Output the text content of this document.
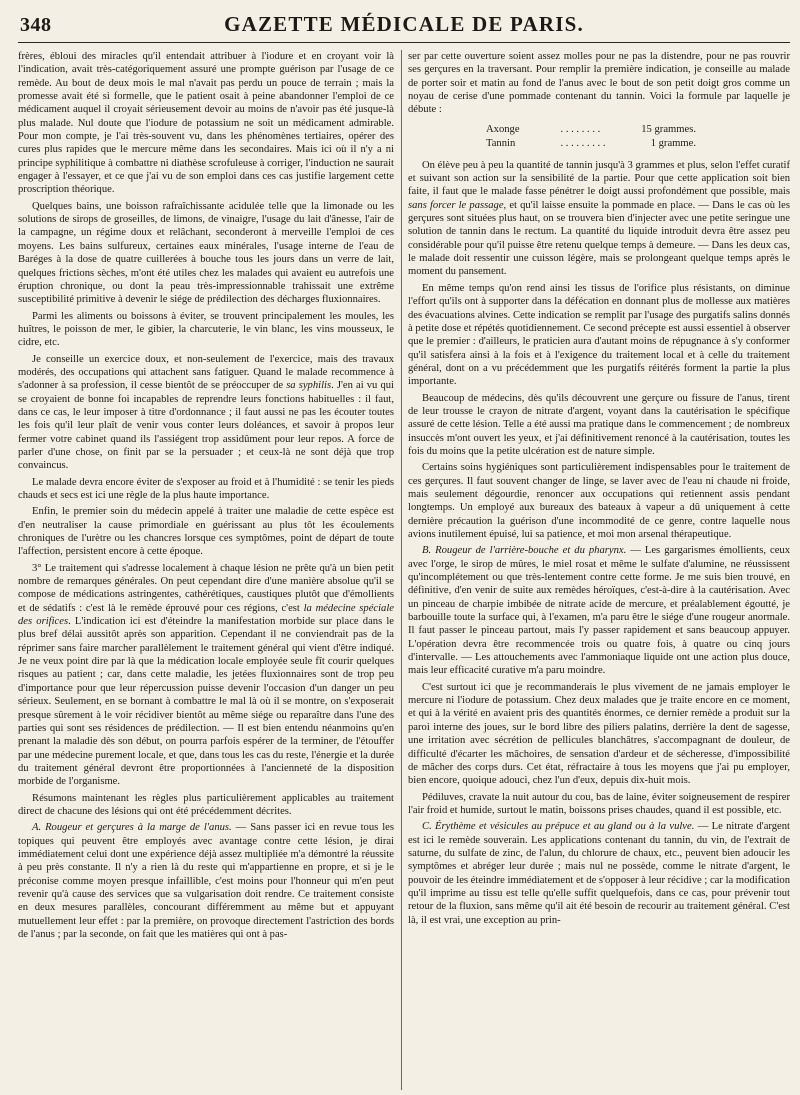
348	GAZETTE MÉDICALE DE PARIS.

frères, ébloui des miracles qu'il entendait attribuer à l'iodure et en croyant voir là l'indication, avait très-catégoriquement assuré une prompte guérison par l'usage de ce remède. Au bout de deux mois le mal n'avait pas perdu un pouce de terrain ; mais la promesse avait été si formelle, que le patient osait à peine abandonner l'emploi de ce médicament auquel il croyait sérieusement devoir au moins de n'avoir pas été jusque-là plus malade. Nul doute que l'iodure de potassium ne soit un médicament admirable. Pour mon compte, je l'ai très-souvent vu, dans les phénomènes tertiaires, opérer des cures plus rapides que le mercure même dans les secondaires. Mais ici où il n'y a ni principe syphilitique à combattre ni diathèse scrofuleuse à corriger, l'induction ne saurait engager à l'essayer, et ce que j'ai vu de son emploi dans ces cas justifie largement cette proscription théorique.

Quelques bains, une boisson rafraîchissante acidulée telle que la limonade ou les solutions de sirops de groseilles, de limons, de vinaigre, l'usage du lait d'ânesse, l'air de la campagne, un régime doux et relâchant, seconderont à merveille l'emploi de ces moyens. Les bains sulfureux, certaines eaux minérales, l'usage interne de l'eau de Baréges à la dose de quatre cuillerées à bouche tous les jours dans un verre de lait, quelques frictions sèches, m'ont été utiles chez les malades qui avaient eu autrefois une éruption chronique, ou dont la peau très-impressionnable trahissait une extrême susceptibilité primitive à devenir le siége de prédilection des décharges fluxionnaires.

Parmi les aliments ou boissons à éviter, se trouvent principalement les moules, les huîtres, le poisson de mer, le gibier, la charcuterie, le vin blanc, les vins mousseux, le cidre, etc.

Je conseille un exercice doux, et non-seulement de l'exercice, mais des travaux modérés, des occupations qui attachent sans fatiguer. Quand le malade recommence à s'adonner à sa profession, il cesse bientôt de se préoccuper de sa syphilis. J'en ai vu qui se croyaient de bonne foi incapables de reprendre leurs fonctions habituelles : il faut, dans ce cas, le leur imposer à titre d'ordonnance ; il faut aussi ne pas les écouter toutes les fois qu'il leur plaît de venir vous conter leurs doléances, et savoir à propos leur fermer votre cabinet quand ils l'assiégent trop assidûment pour leur repos. A force de parler d'une chose, on finit par se la persuader ; et ceux-là ne sont déjà que trop convaincus.

Le malade devra encore éviter de s'exposer au froid et à l'humidité : se tenir les pieds chauds et secs est ici une règle de la plus haute importance.

Enfin, le premier soin du médecin appelé à traiter une maladie de cette espèce est d'en neutraliser la cause primordiale en guérissant au plus tôt les écoulements chroniques de l'urètre ou les chancres lorsque ces symptômes, point de départ de toute l'affection, persistent encore à cette époque.

3° Le traitement qui s'adresse localement à chaque lésion ne prête qu'à un bien petit nombre de remarques générales. On peut cependant dire d'une manière absolue qu'il se compose de médications astringentes, cathérétiques, caustiques plutôt que d'émollients et de sédatifs : c'est là le remède éprouvé pour ces régions, c'est la médecine spéciale des orifices. L'indication ici est d'éteindre la manifestation morbide sur place dans le plus bref délai aussitôt après son apparition. Cependant il ne conviendrait pas de la réprimer sans faire marcher parallèlement le traitement général qui vient d'être indiqué. Je ne veux point dire par là que la médication locale employée seule fît courir quelques risques au patient ; car, dans cette maladie, les jetées fluxionnaires sont de trop peu d'importance pour que leur répercussion puisse devenir l'occasion d'un danger un peu sérieux. Seulement, en se bornant à combattre le mal là où il se montre, on s'exposerait presque sûrement à le voir récidiver bientôt au même siége ou reparaître dans l'une des parties qui sont ses résidences de prédilection. — Il est bien entendu néanmoins qu'en prenant la maladie dès son début, on pourra parfois espérer de la terminer, de l'étouffer par une médecine purement locale, et que, dans tous les cas du reste, l'énergie et la durée du traitement général devront être proportionnées à l'ancienneté de la disposition morbide de l'organisme.

Résumons maintenant les règles plus particulièrement applicables au traitement direct de chacune des lésions qui ont été précédemment décrites.

A. Rougeur et gerçures à la marge de l'anus. — Sans passer ici en revue tous les topiques qui peuvent être employés avec avantage contre cette lésion, je dirai immédiatement celui dont une expérience déjà assez multipliée m'a démontré la réussite à peu près constante. Il n'y a rien là du reste qui m'appartienne en propre, et si je le préconise comme moyen presque infaillible, c'est moins pour l'honneur qui m'en peut revenir qu'à cause des services que sa vulgarisation doit rendre. Ce traitement consiste en deux mesures parallèles, concourant différemment au même but et appuyant mutuellement leur effet : par la première, on provoque directement l'astriction des bords de l'anus ; par la seconde, on fait que les matières qui ont à pas-

ser par cette ouverture soient assez molles pour ne pas la distendre, pour ne pas rouvrir ses gerçures en la traversant. Pour remplir la première indication, je conseille au malade de porter soir et matin au fond de l'anus avec le bout de son petit doigt gros comme un noyau de cerise d'une pommade contenant du tannin. Voici la formule par laquelle je débute :

Axonge	. . . . . . . .	15 grammes.
Tannin	. . . . . . . . .	1 gramme.

On élève peu à peu la quantité de tannin jusqu'à 3 grammes et plus, selon l'effet curatif et suivant son action sur la sensibilité de la partie. Pour que cette application soit bien faite, il faut que le malade fasse pénétrer le doigt aussi profondément que possible, mais sans forcer le passage, et qu'il laisse ensuite la pommade en place. — Dans le cas où les gerçures sont situées plus haut, on se trouvera bien d'injecter avec une petite seringue une solution de tannin dans le rectum. La quantité du liquide introduit devra être assez peu considérable pour qu'il puisse être retenu quelque temps à demeure. — Dans les deux cas, le malade doit ressentir une cuisson légère, mais se prolongeant quelque temps après le moment du pansement.

En même temps qu'on rend ainsi les tissus de l'orifice plus résistants, on diminue l'effort qu'ils ont à supporter dans la défécation en donnant plus de mollesse aux matières des évacuations alvines. Cette indication se remplit par l'usage des purgatifs salins donnés à petite dose et répétés quotidiennement. Ce second précepte est aussi essentiel à observer que le premier : d'ailleurs, le praticien aura d'autant moins de répugnance à s'y conformer qu'il satisfera ainsi à la fois et à l'exigence du traitement local et à celle du traitement général, dont on a vu précédemment que les purgatifs réitérés forment la partie la plus importante.

Beaucoup de médecins, dès qu'ils découvrent une gerçure ou fissure de l'anus, tirent de leur trousse le crayon de nitrate d'argent, voyant dans la cautérisation le spécifique assuré de cette lésion. Telle a été aussi ma pratique dans le commencement ; de nombreux insuccès m'ont ouvert les yeux, et j'ai définitivement renoncé à la cautérisation, toutes les fois du moins que la petite ulcération est de nature simple.

Certains soins hygiéniques sont particulièrement indispensables pour le traitement de ces gerçures. Il faut souvent changer de linge, se laver avec de l'eau ni chaude ni froide, mais seulement dégourdie, renoncer aux occupations qui retiennent assis pendant longtemps. Un employé aux bureaux des bateaux à vapeur a dû uniquement à cette dernière précaution la guérison d'une incommodité de ce genre, contre laquelle nous avions inutilement épuisé, lui sa patience, et moi mon arsenal thérapeutique.

B. Rougeur de l'arrière-bouche et du pharynx. — Les gargarismes émollients, ceux avec l'orge, le sirop de mûres, le miel rosat et même le sulfate d'alumine, ne réussissent qu'incomplétement ou que très-lentement contre cette forme. Je me suis bien trouvé, en définitive, d'en venir de suite aux remèdes héroïques, c'est-à-dire à la cautérisation. Avec un pinceau de charpie imbibée de nitrate acide de mercure, et préalablement égoutté, je barbouille toute la surface qui, à l'examen, m'a paru être le siége d'une rougeur anormale. Il faut passer le pinceau partout, mais l'y passer rapidement et sans beaucoup appuyer. L'opération devra être recommencée trois ou quatre fois, à quatre ou cinq jours d'intervalle. — Les attouchements avec l'ammoniaque liquide ont une action plus douce, mais leur efficacité curative m'a paru moindre.

C'est surtout ici que je recommanderais le plus vivement de ne jamais employer le mercure ni l'iodure de potassium. Chez deux malades que je traite encore en ce moment, et qui à la vérité en avaient pris des quantités énormes, ce dernier remède a produit sur la paroi interne des joues, sur le bord libre des piliers palatins, derrière la dent de sagesse, une irritation avec sécrétion de pellicules blanchâtres, s'accompagnant de douleur, de difficulté d'écarter les mâchoires, de sensation d'ardeur et de sécheresse, d'impossibilité de mâcher des corps durs. Cet état, réfractaire à tous les moyens que j'ai pu employer, bien encore, quoique adouci, chez l'un d'eux, depuis dix-huit mois.

Pédiluves, cravate la nuit autour du cou, bas de laine, éviter soigneusement de respirer l'air froid et humide, surtout le matin, boissons prises chaudes, quand il est possible, etc.

C. Érythème et vésicules au prépuce et au gland ou à la vulve. — Le nitrate d'argent est ici le remède souverain. Les applications contenant du tannin, du vin, de l'extrait de saturne, du sulfate de zinc, de l'alun, du chlorure de chaux, etc., peuvent bien adoucir les symptômes et abréger leur durée ; mais nul ne possède, comme le nitrate d'argent, le pouvoir de les éteindre immédiatement et de s'opposer à leur récidive ; car la modification qu'il imprime au tissu est telle qu'elle suffit quelquefois, dans ce cas, pour prévenir tout retour de la fluxion, sans même qu'il ait été besoin de recourir au traitement général. C'est là, il est vrai, une exception au prin-
